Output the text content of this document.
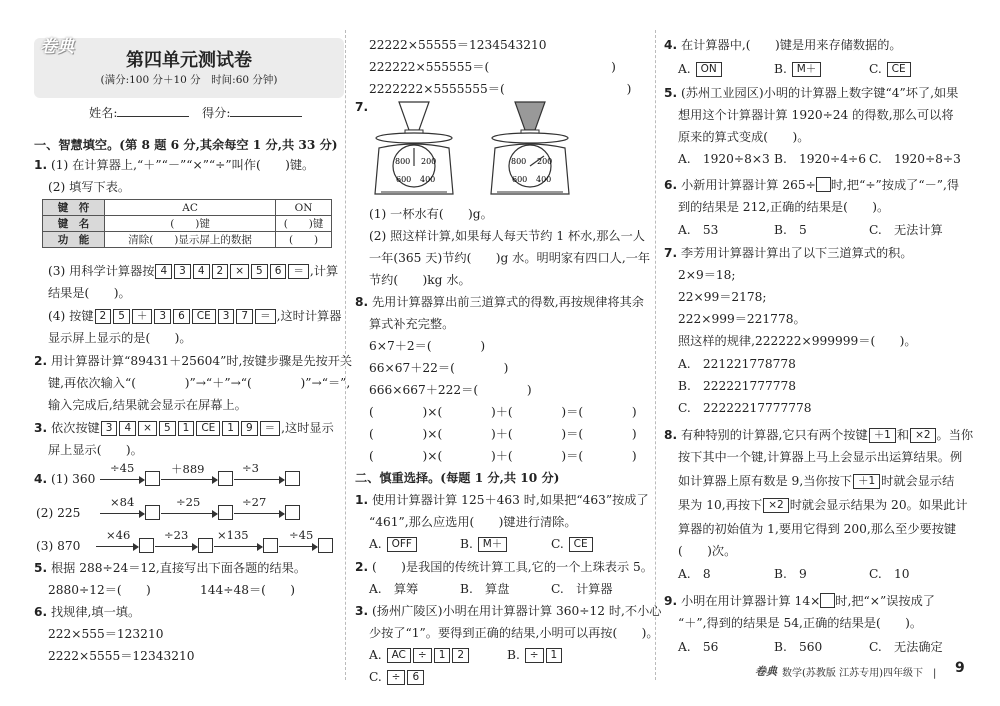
卷典
第四单元测试卷
(满分:100 分＋10 分　时间:60 分钟)
姓名:	得分:
一、智慧填空。(第 8 题 6 分,其余每空 1 分,共 33 分)
1. (1) 在计算器上,“＋”“－”“×”“÷”叫作(　　)键。
(2) 填写下表。
键　符	AC	ON
键　名	(　　)键	(　　)键
功　能	清除(　　)显示屏上的数据	(　　)
(3) 用科学计算器按 4 3 4 2 × 5 6 ＝ ,计算
结果是(　　)。
(4) 按键 2 5 ＋ 3 6 CE 3 7 ＝ ,这时计算器
显示屏上显示的是(　　)。
2. 用计算器计算“89431＋25604”时,按键步骤是先按开关
键,再依次输入“(　　　　)”→“＋”→“(　　　　)”→“＝”,
输入完成后,结果就会显示在屏幕上。
3. 依次按键 3 4 × 5 1 CE 1 9 ＝ ,这时显示
屏上显示(　　)。
4. (1) 360
÷45	＋889	÷3
(2) 225
×84	÷25	÷27
(3) 870
×46	÷23 ×135	÷45
5. 根据 288÷24＝12,直接写出下面各题的结果。
2880÷12＝(　　)	144÷48＝(　　)
6. 找规律,填一填。
222×555＝123210
2222×5555＝12343210
22222×55555＝1234543210
222222×555555＝(　　　　　　　　　　)
2222222×5555555＝(　　　　　　　　　　)
7.
800 200
600 400
800 200
600 400
(1) 一杯水有(　　)g。
(2) 照这样计算,如果每人每天节约 1 杯水,那么一人
一年(365 天)节约(　　)g 水。明明家有四口人,一年
节约(　　)kg 水。
8. 先用计算器算出前三道算式的得数,再按规律将其余
算式补充完整。
6×7＋2＝(　　　　)
66×67＋22＝(　　　　)
666×667＋222＝(　　　　)
(　　　　)×(　　　　)＋(　　　　)＝(　　　　)
(　　　　)×(　　　　)＋(　　　　)＝(　　　　)
(　　　　)×(　　　　)＋(　　　　)＝(　　　　)
二、慎重选择。(每题 1 分,共 10 分)
1. 使用计算器计算 125＋463 时,如果把“463”按成了
“461”,那么应选用(　　)键进行清除。
A. OFF	B. M＋	C. CE
2. (　　)是我国的传统计算工具,它的一个上珠表示 5。
A.　算筹	B.　算盘	C.　计算器
3. (扬州广陵区)小明在用计算器计算 360÷12 时,不小心
少按了“1”。要得到正确的结果,小明可以再按(　　)。
A. AC ÷ 1 2	B. ÷ 1
C. ÷ 6
4. 在计算器中,(　　)键是用来存储数据的。
A. ON	B. M＋	C. CE
5. (苏州工业园区)小明的计算器上数字键“4”坏了,如果
想用这个计算器计算 1920÷24 的得数,那么可以将
原来的算式变成(　　)。
A.　1920÷8×3 B.　1920÷4÷6 C.　1920÷8÷3
6. 小新用计算器计算 265÷ 时,把“÷”按成了“－”,得
到的结果是 212,正确的结果是(　　)。
A.　53	B.　5	C.　无法计算
7. 李芳用计算器计算出了以下三道算式的积。
2×9＝18;
22×99＝2178;
222×999＝221778。
照这样的规律,222222×999999＝(　　)。
A.　221221778778
B.　222221777778
C.　22222217777778
8. 有种特别的计算器,它只有两个按键 ＋1 和 ×2 。当你
按下其中一个键,计算器上马上会显示出运算结果。例
如计算器上原有数是 9,当你按下 ＋1 时就会显示结
果为 10,再按下 ×2 时就会显示结果为 20。如果此计
算器的初始值为 1,要用它得到 200,那么至少要按键
(　　)次。
A.　8	B.　9	C.　10
9. 小明在用计算器计算 14× 时,把“×”误按成了
“＋”,得到的结果是 54,正确的结果是(　　)。
A.　56	B.　560	C.　无法确定
卷典 数学(苏教版 江苏专用)四年级下　| 9
